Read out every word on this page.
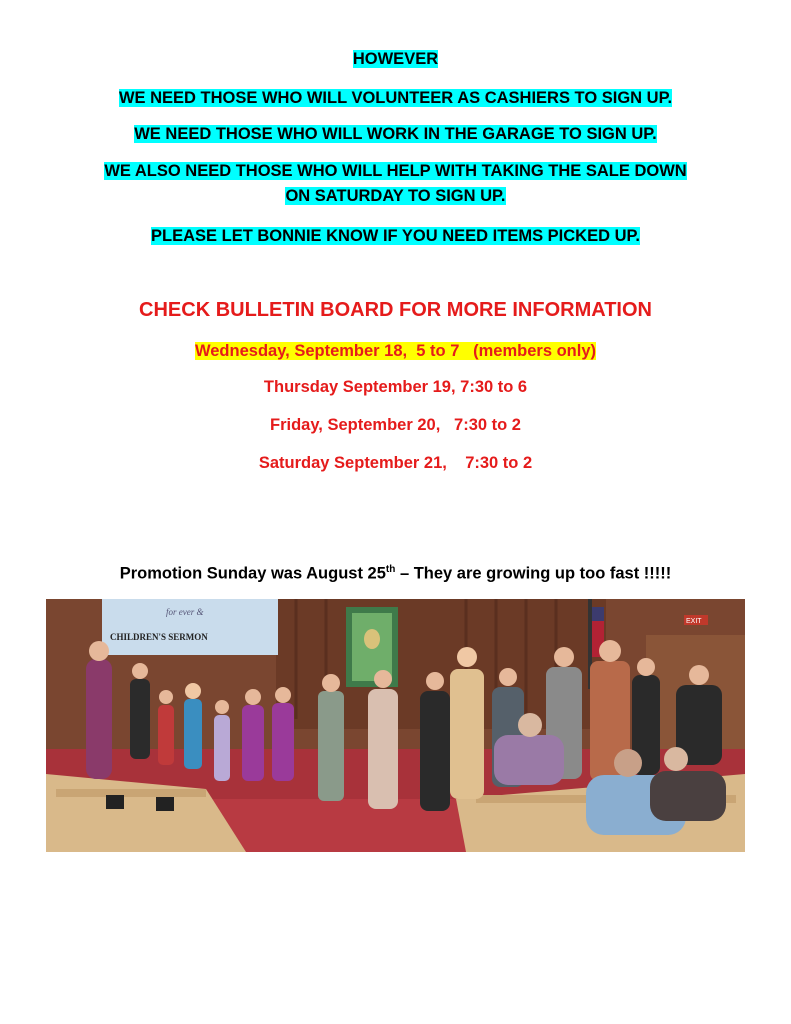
HOWEVER
WE NEED THOSE WHO WILL VOLUNTEER AS CASHIERS TO SIGN UP.
WE NEED THOSE WHO WILL WORK IN THE GARAGE TO SIGN UP.
WE ALSO NEED THOSE WHO WILL HELP WITH TAKING THE SALE DOWN
ON SATURDAY TO SIGN UP.
PLEASE LET BONNIE KNOW IF YOU NEED ITEMS PICKED UP.
CHECK BULLETIN BOARD FOR MORE INFORMATION
Wednesday, September 18,  5 to 7   (members only)
Thursday September 19, 7:30 to 6
Friday, September 20,   7:30 to 2
Saturday September 21,    7:30 to 2
Promotion Sunday was August 25th – They are growing up too fast !!!!!
CHILDREN'S SERMON
for ever &
EXIT
